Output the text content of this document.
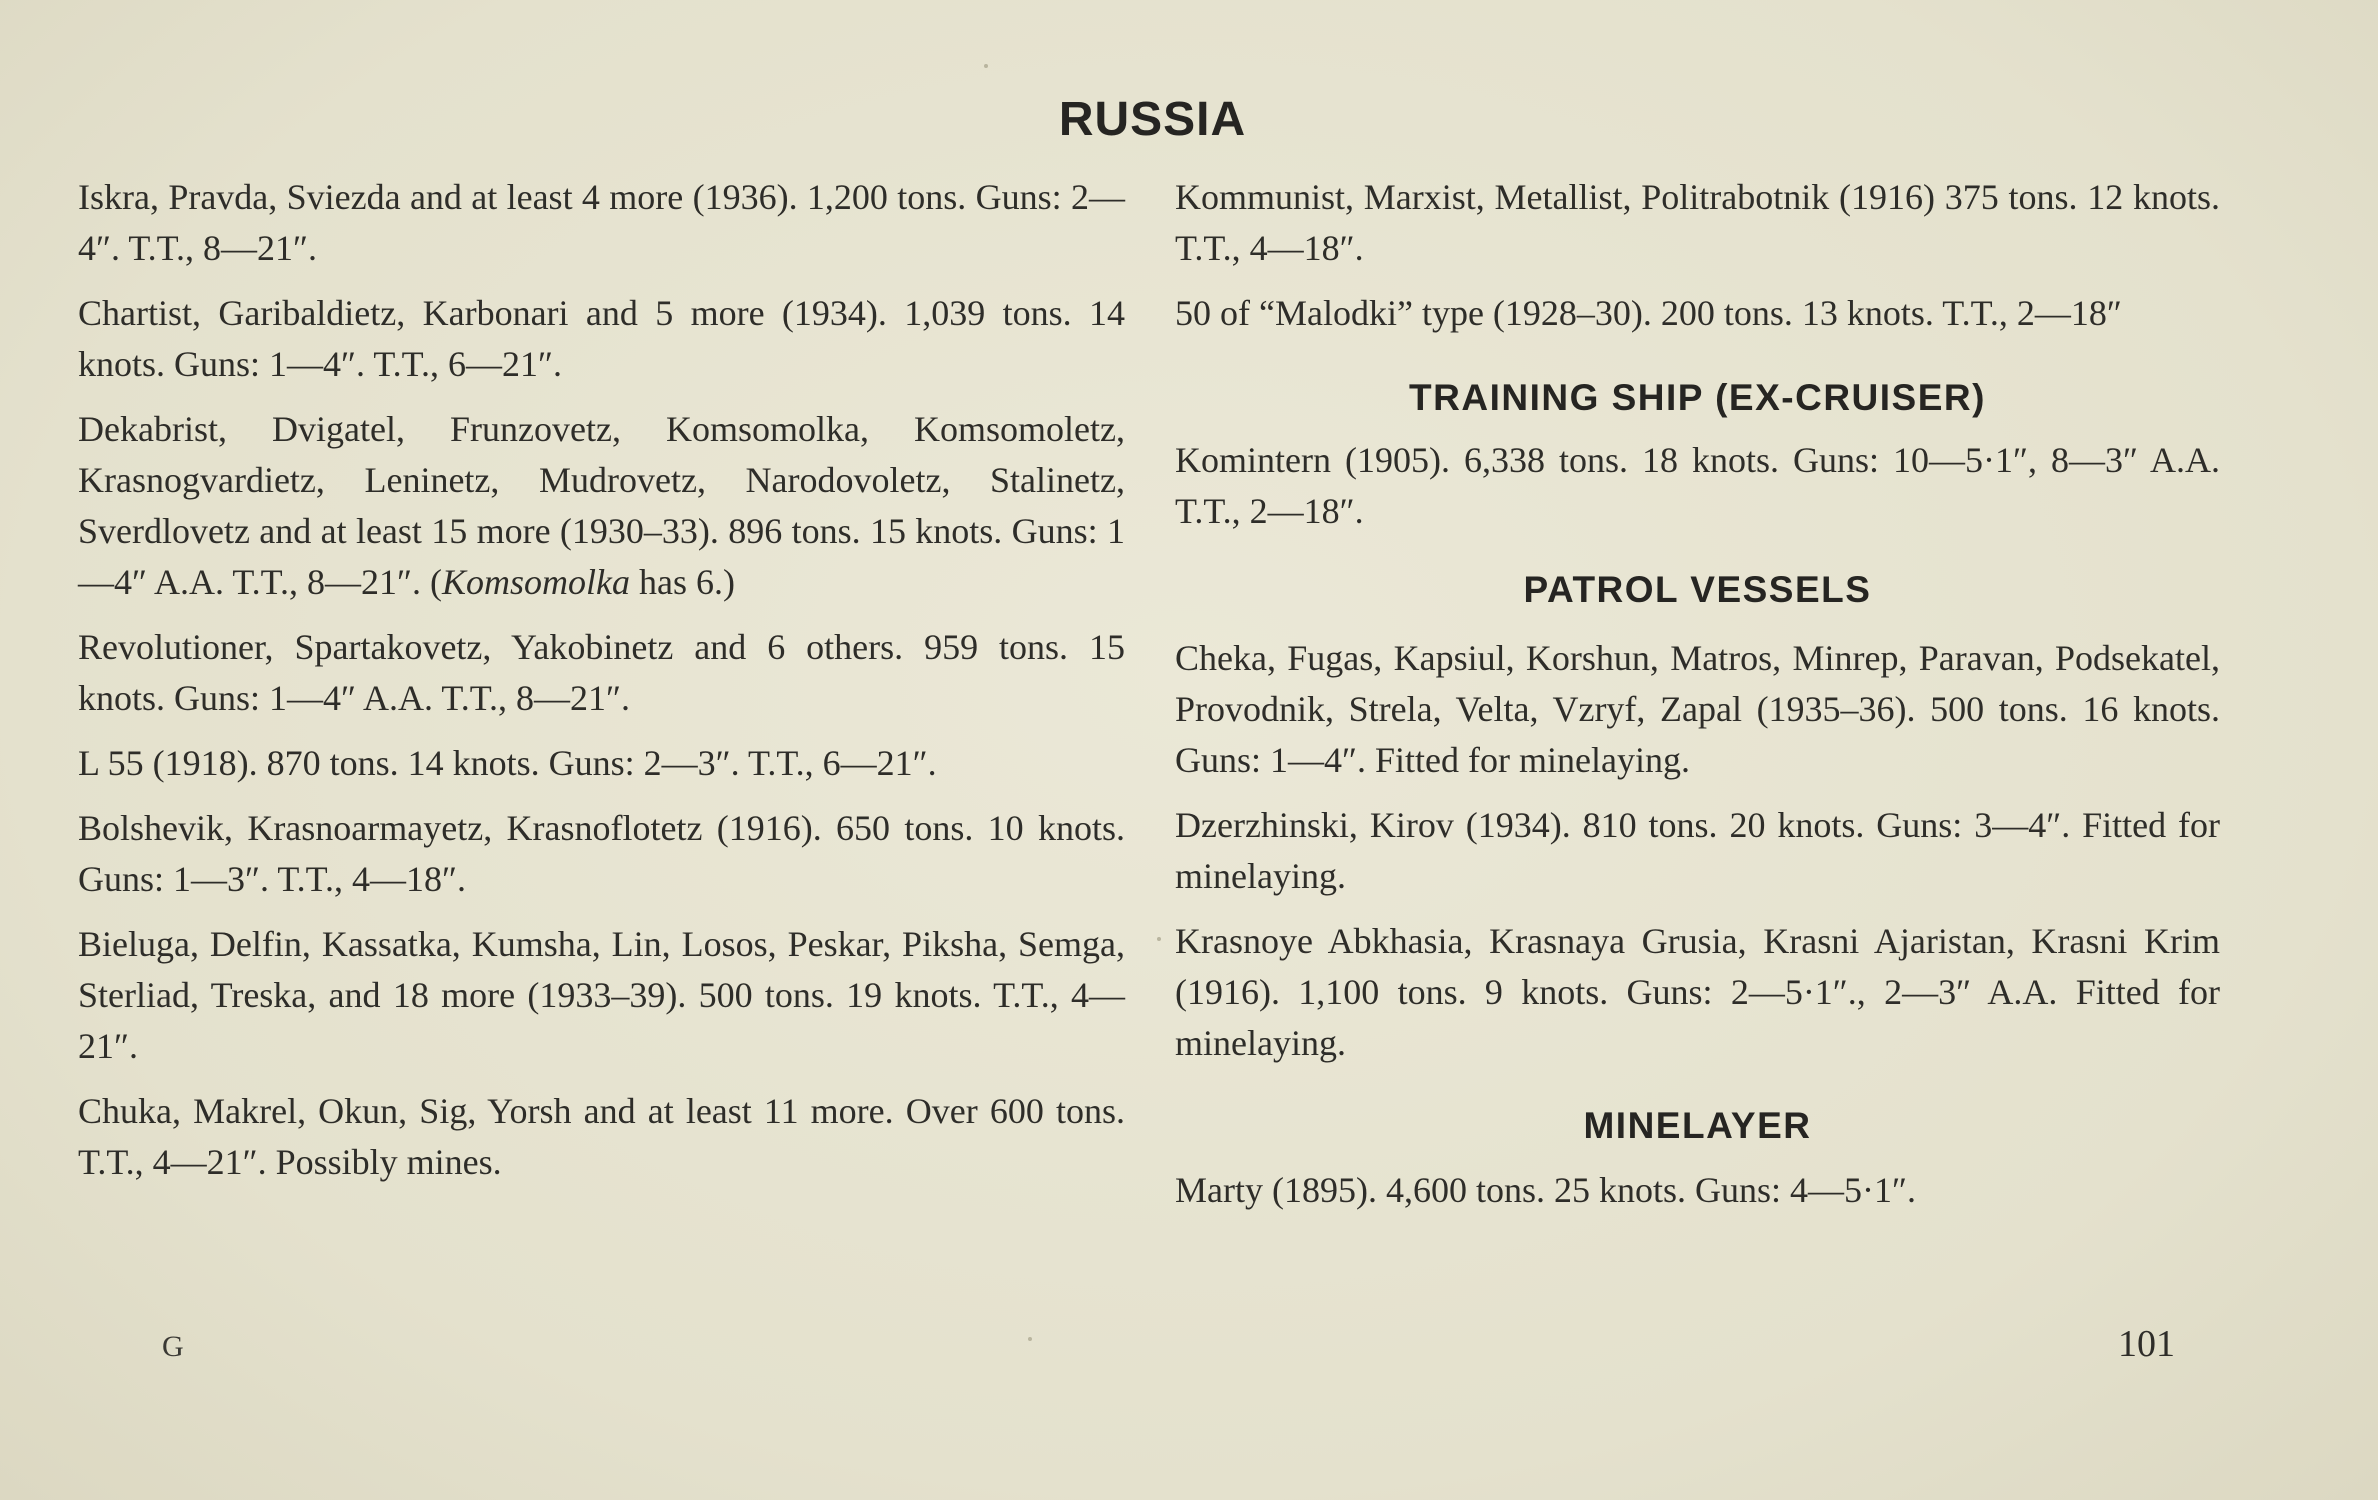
RUSSIA

Iskra, Pravda, Sviezda and at least 4 more (1936). 1,200 tons. Guns: 2—4″. T.T., 8—21″.

Chartist, Garibaldietz, Karbonari and 5 more (1934). 1,039 tons. 14 knots. Guns: 1—4″. T.T., 6—21″.

Dekabrist, Dvigatel, Frunzovetz, Komsomolka, Komsomoletz, Krasnogvardietz, Leninetz, Mudrovetz, Narodovoletz, Stalinetz, Sverdlovetz and at least 15 more (1930–33). 896 tons. 15 knots. Guns: 1—4″ A.A. T.T., 8—21″. (Komsomolka has 6.)

Revolutioner, Spartakovetz, Yakobinetz and 6 others. 959 tons. 15 knots. Guns: 1—4″ A.A. T.T., 8—21″.

L 55 (1918). 870 tons. 14 knots. Guns: 2—3″. T.T., 6—21″.

Bolshevik, Krasnoarmayetz, Krasnoflotetz (1916). 650 tons. 10 knots. Guns: 1—3″. T.T., 4—18″.

Bieluga, Delfin, Kassatka, Kumsha, Lin, Losos, Peskar, Piksha, Semga, Sterliad, Treska, and 18 more (1933–39). 500 tons. 19 knots. T.T., 4—21″.

Chuka, Makrel, Okun, Sig, Yorsh and at least 11 more. Over 600 tons. T.T., 4—21″. Possibly mines.

Kommunist, Marxist, Metallist, Politrabotnik (1916) 375 tons. 12 knots. T.T., 4—18″.

50 of “Malodki” type (1928–30). 200 tons. 13 knots. T.T., 2—18″

TRAINING SHIP (EX-CRUISER)

Komintern (1905). 6,338 tons. 18 knots. Guns: 10—5·1″, 8—3″ A.A. T.T., 2—18″.

PATROL VESSELS

Cheka, Fugas, Kapsiul, Korshun, Matros, Minrep, Paravan, Podsekatel, Provodnik, Strela, Velta, Vzryf, Zapal (1935–36). 500 tons. 16 knots. Guns: 1—4″. Fitted for minelaying.

Dzerzhinski, Kirov (1934). 810 tons. 20 knots. Guns: 3—4″. Fitted for minelaying.

Krasnoye Abkhasia, Krasnaya Grusia, Krasni Ajaristan, Krasni Krim (1916). 1,100 tons. 9 knots. Guns: 2—5·1″., 2—3″ A.A. Fitted for minelaying.

MINELAYER

Marty (1895). 4,600 tons. 25 knots. Guns: 4—5·1″.

G	101
